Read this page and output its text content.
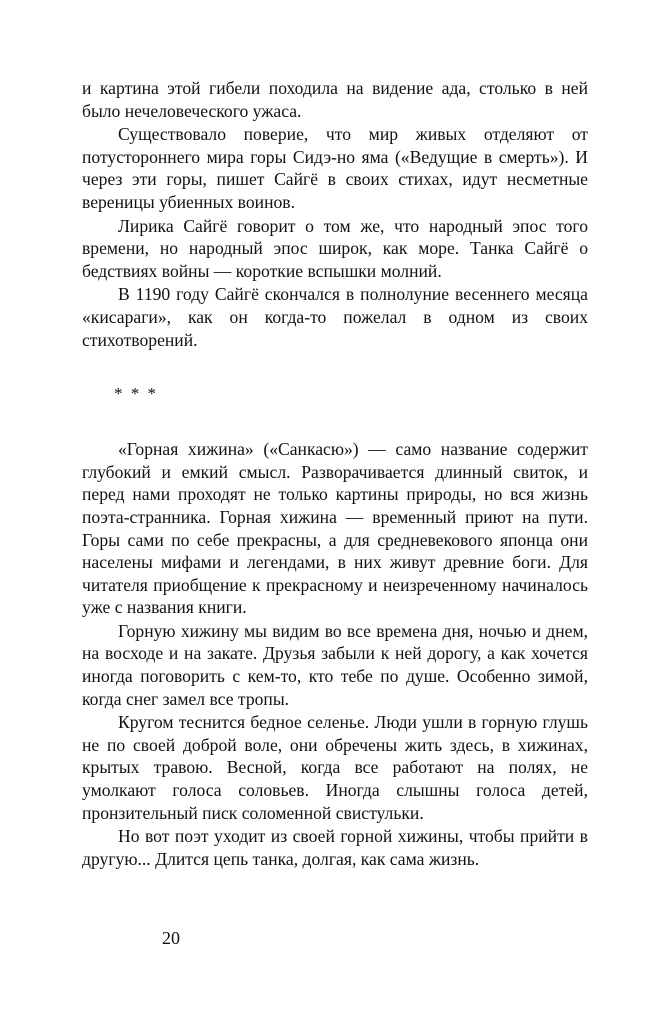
и картина этой гибели походила на видение ада, столько в ней было нечеловеческого ужаса.

Существовало поверие, что мир живых отделяют от потустороннего мира горы Сидэ-но яма («Ведущие в смерть»). И через эти горы, пишет Сайгё в своих стихах, идут несметные вереницы убиенных воинов.

Лирика Сайгё говорит о том же, что народный эпос того времени, но народный эпос широк, как море. Танка Сайгё о бедствиях войны — короткие вспышки молний.

В 1190 году Сайгё скончался в полнолуние весеннего месяца «кисараги», как он когда-то пожелал в одном из своих стихотворений.

* * *

«Горная хижина» («Санкасю») — само название содержит глубокий и емкий смысл. Разворачивается длинный свиток, и перед нами проходят не только картины природы, но вся жизнь поэта-странника. Горная хижина — временный приют на пути. Горы сами по себе прекрасны, а для средневекового японца они населены мифами и легендами, в них живут древние боги. Для читателя приобщение к прекрасному и неизреченному начиналось уже с названия книги.

Горную хижину мы видим во все времена дня, ночью и днем, на восходе и на закате. Друзья забыли к ней дорогу, а как хочется иногда поговорить с кем-то, кто тебе по душе. Особенно зимой, когда снег замел все тропы.

Кругом теснится бедное селенье. Люди ушли в горную глушь не по своей доброй воле, они обречены жить здесь, в хижинах, крытых травою. Весной, когда все работают на полях, не умолкают голоса соловьев. Иногда слышны голоса детей, пронзительный писк соломенной свистульки.

Но вот поэт уходит из своей горной хижины, чтобы прийти в другую... Длится цепь танка, долгая, как сама жизнь.

20
